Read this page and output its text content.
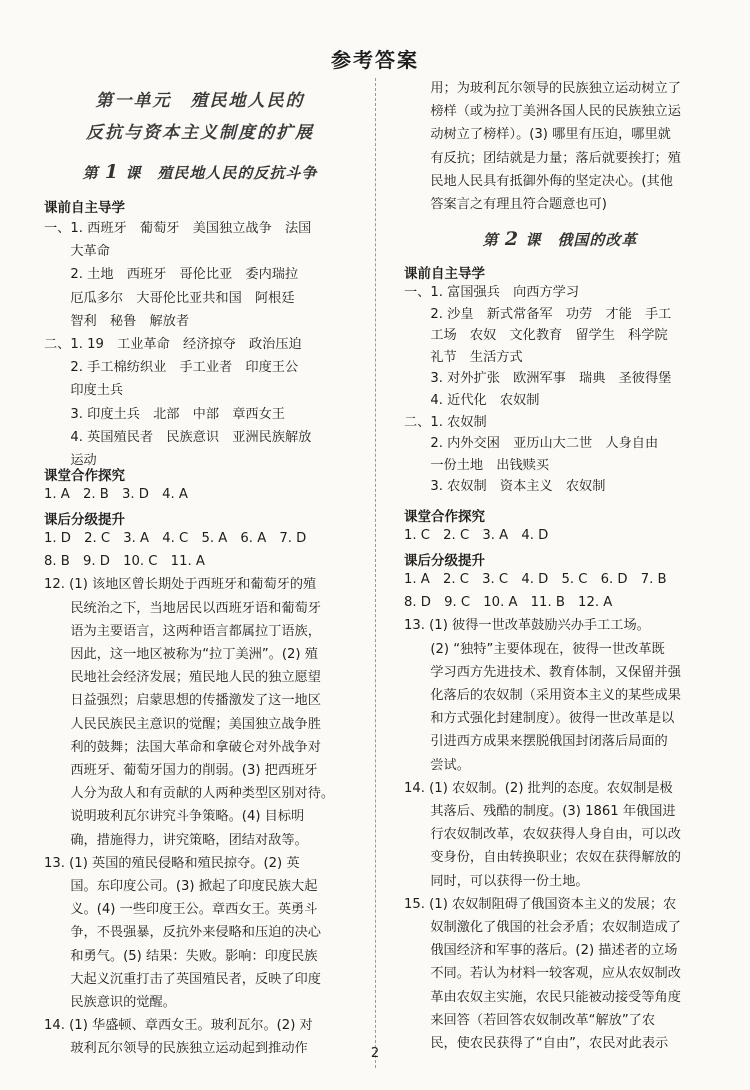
参考答案
第一单元　殖民地人民的
反抗与资本主义制度的扩展
第 1 课　殖民地人民的反抗斗争
课前自主导学
一、1. 西班牙　葡萄牙　美国独立战争　法国
　　大革命
　　2. 土地　西班牙　哥伦比亚　委内瑞拉
　　厄瓜多尔　大哥伦比亚共和国　阿根廷
　　智利　秘鲁　解放者
二、1. 19　工业革命　经济掠夺　政治压迫
　　2. 手工棉纺织业　手工业者　印度王公
　　印度土兵
　　3. 印度土兵　北部　中部　章西女王
　　4. 英国殖民者　民族意识　亚洲民族解放
　　运动
课堂合作探究
1. A　2. B　3. D　4. A
课后分级提升
1. D　2. C　3. A　4. C　5. A　6. A　7. D
8. B　9. D　10. C　11. A
12. (1) 该地区曾长期处于西班牙和葡萄牙的殖
　　民统治之下，当地居民以西班牙语和葡萄牙
　　语为主要语言，这两种语言都属拉丁语族，
　　因此，这一地区被称为“拉丁美洲”。(2) 殖
　　民地社会经济发展；殖民地人民的独立愿望
　　日益强烈；启蒙思想的传播激发了这一地区
　　人民民族民主意识的觉醒；美国独立战争胜
　　利的鼓舞；法国大革命和拿破仑对外战争对
　　西班牙、葡萄牙国力的削弱。(3) 把西班牙
　　人分为敌人和有贡献的人两种类型区别对待。
　　说明玻利瓦尔讲究斗争策略。(4) 目标明
　　确，措施得力，讲究策略，团结对敌等。
13. (1) 英国的殖民侵略和殖民掠夺。(2) 英
　　国。东印度公司。(3) 掀起了印度民族大起
　　义。(4) 一些印度王公。章西女王。英勇斗
　　争，不畏强暴，反抗外来侵略和压迫的决心
　　和勇气。(5) 结果：失败。影响：印度民族
　　大起义沉重打击了英国殖民者，反映了印度
　　民族意识的觉醒。
14. (1) 华盛顿、章西女王。玻利瓦尔。(2) 对
　　玻利瓦尔领导的民族独立运动起到推动作
　　用；为玻利瓦尔领导的民族独立运动树立了
　　榜样（或为拉丁美洲各国人民的民族独立运
　　动树立了榜样）。(3) 哪里有压迫，哪里就
　　有反抗；团结就是力量；落后就要挨打；殖
　　民地人民具有抵御外侮的坚定决心。(其他
　　答案言之有理且符合题意也可)
第 2 课　俄国的改革
课前自主导学
一、1. 富国强兵　向西方学习
　　2. 沙皇　新式常备军　功劳　才能　手工
　　工场　农奴　文化教育　留学生　科学院
　　礼节　生活方式
　　3. 对外扩张　欧洲军事　瑞典　圣彼得堡
　　4. 近代化　农奴制
二、1. 农奴制
　　2. 内外交困　亚历山大二世　人身自由
　　一份土地　出钱赎买
　　3. 农奴制　资本主义　农奴制
课堂合作探究
1. C　2. C　3. A　4. D
课后分级提升
1. A　2. C　3. C　4. D　5. C　6. D　7. B
8. D　9. C　10. A　11. B　12. A
13. (1) 彼得一世改革鼓励兴办手工工场。
　　(2) “独特”主要体现在，彼得一世改革既
　　学习西方先进技术、教育体制，又保留并强
　　化落后的农奴制（采用资本主义的某些成果
　　和方式强化封建制度）。彼得一世改革是以
　　引进西方成果来摆脱俄国封闭落后局面的
　　尝试。
14. (1) 农奴制。(2) 批判的态度。农奴制是极
　　其落后、残酷的制度。(3) 1861 年俄国进
　　行农奴制改革，农奴获得人身自由，可以改
　　变身份，自由转换职业；农奴在获得解放的
　　同时，可以获得一份土地。
15. (1) 农奴制阻碍了俄国资本主义的发展；农
　　奴制激化了俄国的社会矛盾；农奴制造成了
　　俄国经济和军事的落后。(2) 描述者的立场
　　不同。若认为材料一较客观，应从农奴制改
　　革由农奴主实施，农民只能被动接受等角度
　　来回答（若回答农奴制改革“解放”了农
　　民，使农民获得了“自由”，农民对此表示
2
